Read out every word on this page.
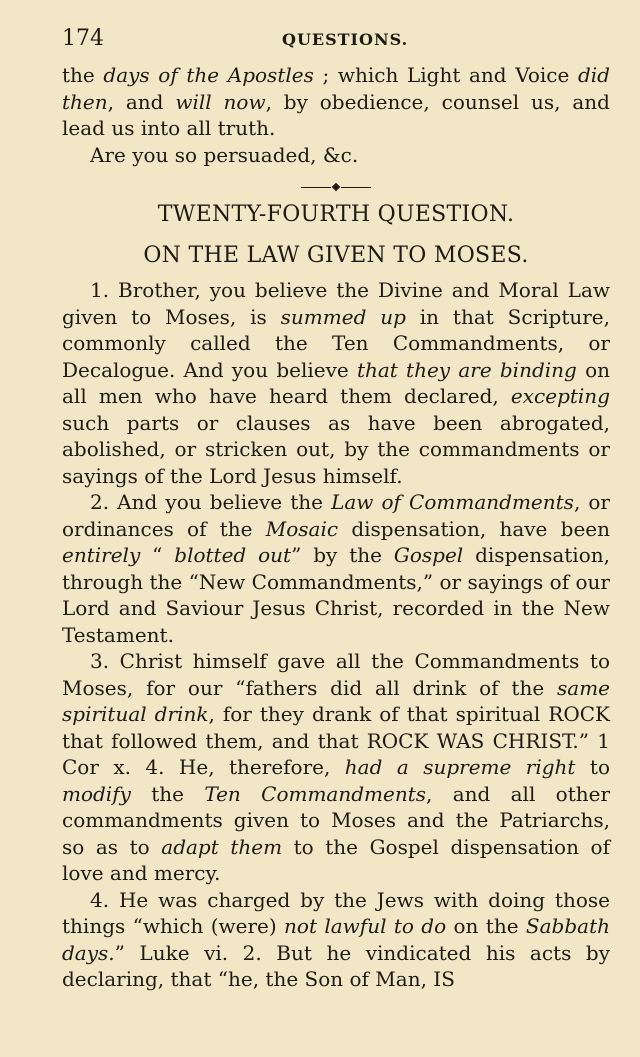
174	QUESTIONS.

the days of the Apostles ; which Light and Voice did then, and will now, by obedience, counsel us, and lead us into all truth.

Are you so persuaded, &c.

TWENTY-FOURTH QUESTION.
ON THE LAW GIVEN TO MOSES.

1. Brother, you believe the Divine and Moral Law given to Moses, is summed up in that Scripture, commonly called the Ten Commandments, or Decalogue. And you believe that they are binding on all men who have heard them declared, excepting such parts or clauses as have been abrogated, abolished, or stricken out, by the commandments or sayings of the Lord Jesus himself.

2. And you believe the Law of Commandments, or ordinances of the Mosaic dispensation, have been entirely “ blotted out” by the Gospel dispensation, through the “New Commandments,” or sayings of our Lord and Saviour Jesus Christ, recorded in the New Testament.

3. Christ himself gave all the Commandments to Moses, for our “fathers did all drink of the same spiritual drink, for they drank of that spiritual ROCK that followed them, and that ROCK WAS CHRIST.” 1 Cor x. 4. He, therefore, had a supreme right to modify the Ten Commandments, and all other commandments given to Moses and the Patriarchs, so as to adapt them to the Gospel dispensation of love and mercy.

4. He was charged by the Jews with doing those things “which (were) not lawful to do on the Sabbath days.” Luke vi. 2. But he vindicated his acts by declaring, that “he, the Son of Man, IS
